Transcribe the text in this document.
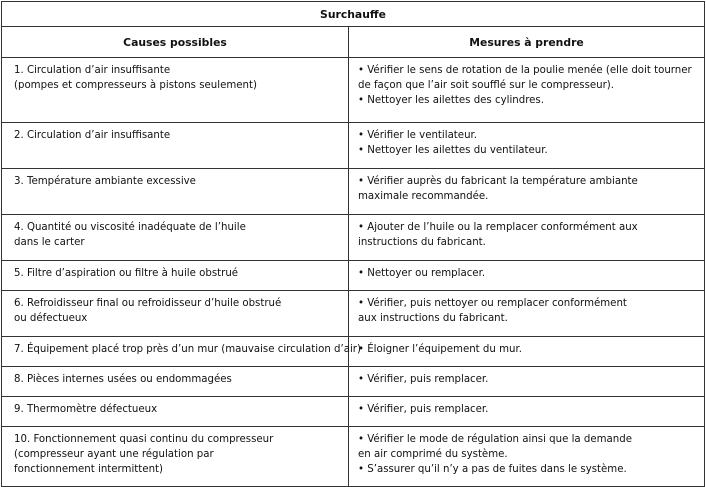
Surchauffe	
Causes possibles	Mesures à prendre

1. Circulation d’air insuffisante
(pompes et compresseurs à pistons seulement)	• Vérifier le sens de rotation de la poulie menée (elle doit tourner
de façon que l’air soit soufflé sur le compresseur).
• Nettoyer les ailettes des cylindres.

2. Circulation d’air insuffisante	• Vérifier le ventilateur.
• Nettoyer les ailettes du ventilateur.

3. Température ambiante excessive	• Vérifier auprès du fabricant la température ambiante
maximale recommandée.

4. Quantité ou viscosité inadéquate de l’huile
dans le carter	• Ajouter de l’huile ou la remplacer conformément aux
instructions du fabricant.

5. Filtre d’aspiration ou filtre à huile obstrué	• Nettoyer ou remplacer.

6. Refroidisseur final ou refroidisseur d’huile obstrué
ou défectueux	• Vérifier, puis nettoyer ou remplacer conformément
aux instructions du fabricant.

7. Équipement placé trop près d’un mur (mauvaise circulation d’air)	• Éloigner l’équipement du mur.

8. Pièces internes usées ou endommagées	• Vérifier, puis remplacer.

9. Thermomètre défectueux	• Vérifier, puis remplacer.

10. Fonctionnement quasi continu du compresseur
(compresseur ayant une régulation par
fonctionnement intermittent)	• Vérifier le mode de régulation ainsi que la demande
en air comprimé du système.
• S’assurer qu’il n’y a pas de fuites dans le système.
